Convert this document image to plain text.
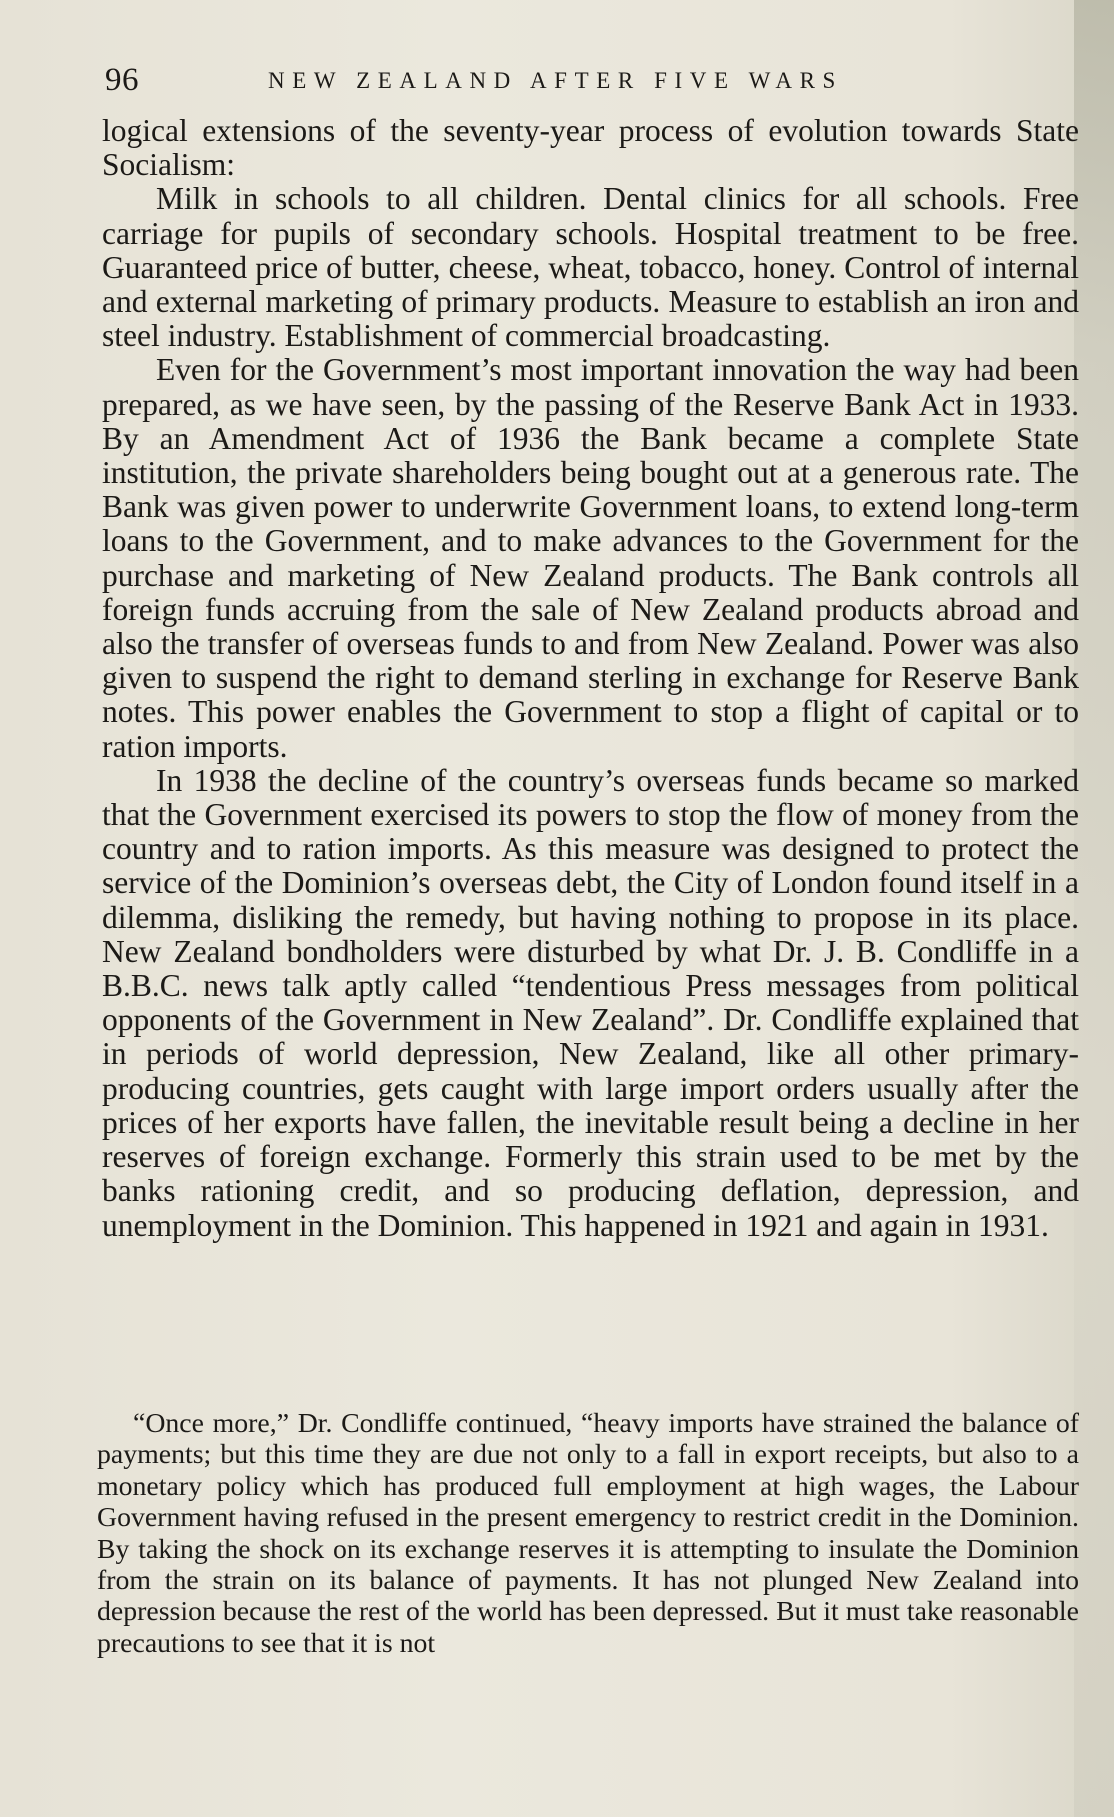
96	NEW ZEALAND AFTER FIVE WARS

logical extensions of the seventy-year process of evolution towards State Socialism:

Milk in schools to all children. Dental clinics for all schools. Free carriage for pupils of secondary schools. Hospital treatment to be free. Guaranteed price of butter, cheese, wheat, tobacco, honey. Control of internal and external marketing of primary products. Measure to establish an iron and steel industry. Establishment of commercial broadcasting.

Even for the Government’s most important innovation the way had been prepared, as we have seen, by the passing of the Reserve Bank Act in 1933. By an Amendment Act of 1936 the Bank became a complete State institution, the private shareholders being bought out at a generous rate. The Bank was given power to underwrite Government loans, to extend long-term loans to the Government, and to make advances to the Government for the purchase and marketing of New Zealand products. The Bank controls all foreign funds accruing from the sale of New Zealand products abroad and also the transfer of overseas funds to and from New Zealand. Power was also given to suspend the right to demand sterling in exchange for Reserve Bank notes. This power enables the Government to stop a flight of capital or to ration imports.

In 1938 the decline of the country’s overseas funds became so marked that the Government exercised its powers to stop the flow of money from the country and to ration imports. As this measure was designed to protect the service of the Dominion’s overseas debt, the City of London found itself in a dilemma, disliking the remedy, but having nothing to propose in its place. New Zealand bondholders were disturbed by what Dr. J. B. Condliffe in a B.B.C. news talk aptly called “tendentious Press messages from political opponents of the Government in New Zealand”. Dr. Condliffe explained that in periods of world depression, New Zealand, like all other primary-producing countries, gets caught with large import orders usually after the prices of her exports have fallen, the inevitable result being a decline in her reserves of foreign exchange. Formerly this strain used to be met by the banks rationing credit, and so producing deflation, depression, and unemployment in the Dominion. This happened in 1921 and again in 1931.

“Once more,” Dr. Condliffe continued, “heavy imports have strained the balance of payments; but this time they are due not only to a fall in export receipts, but also to a monetary policy which has produced full employment at high wages, the Labour Government having refused in the present emergency to restrict credit in the Dominion. By taking the shock on its exchange reserves it is attempting to insulate the Dominion from the strain on its balance of payments. It has not plunged New Zealand into depression because the rest of the world has been depressed. But it must take reasonable precautions to see that it is not
